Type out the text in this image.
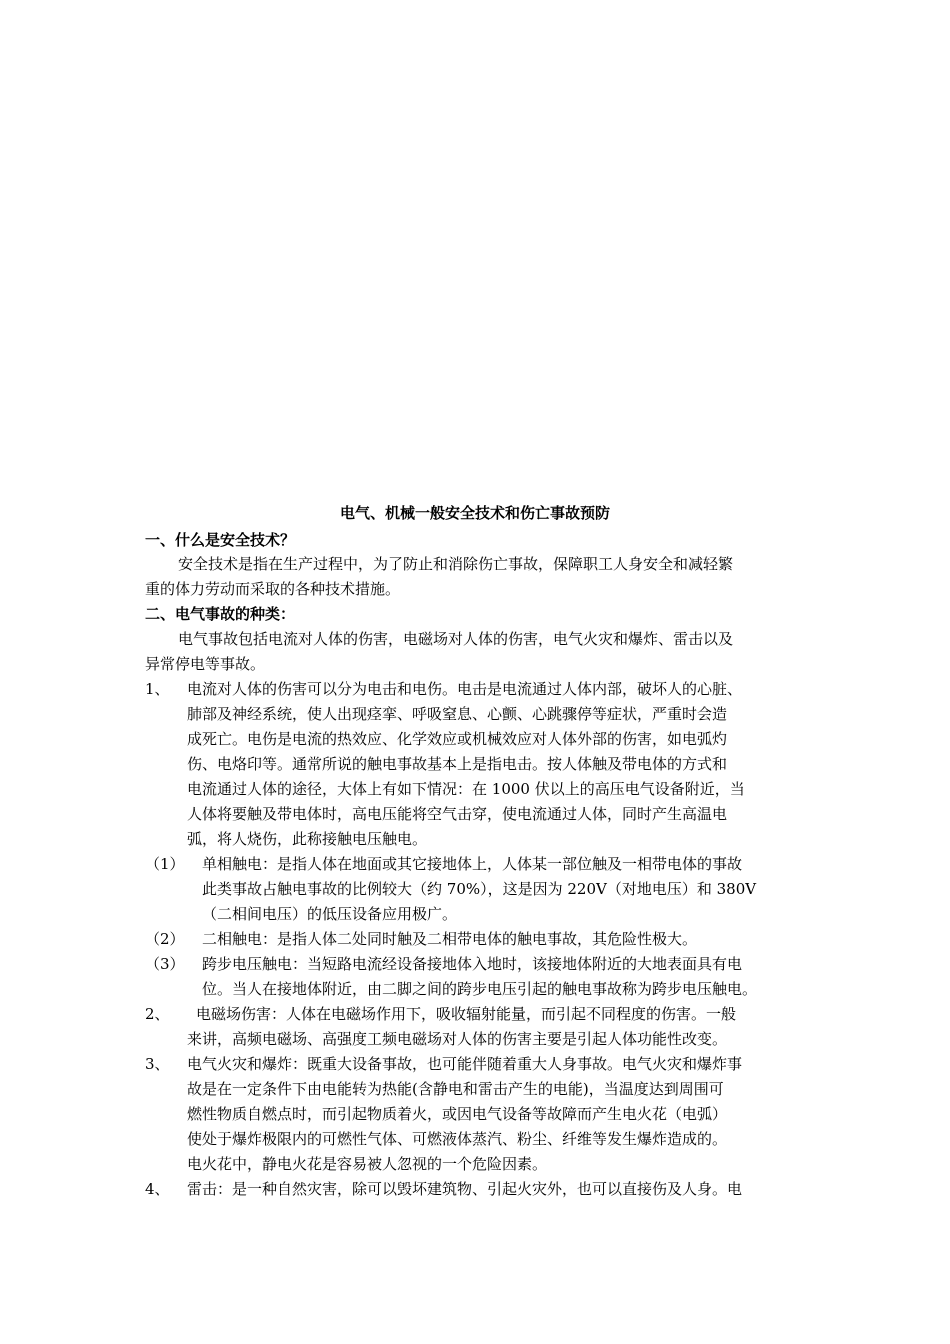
电气、机械一般安全技术和伤亡事故预防
一、什么是安全技术？
安全技术是指在生产过程中，为了防止和消除伤亡事故，保障职工人身安全和减轻繁
重的体力劳动而采取的各种技术措施。
二、电气事故的种类：
电气事故包括电流对人体的伤害，电磁场对人体的伤害，电气火灾和爆炸、雷击以及
异常停电等事故。
1、 电流对人体的伤害可以分为电击和电伤。电击是电流通过人体内部，破坏人的心脏、
肺部及神经系统，使人出现痉挛、呼吸窒息、心颤、心跳骤停等症状，严重时会造
成死亡。电伤是电流的热效应、化学效应或机械效应对人体外部的伤害，如电弧灼
伤、电烙印等。通常所说的触电事故基本上是指电击。按人体触及带电体的方式和
电流通过人体的途径，大体上有如下情况：在 1000 伏以上的高压电气设备附近，当
人体将要触及带电体时，高电压能将空气击穿，使电流通过人体，同时产生高温电
弧，将人烧伤，此称接触电压触电。
（1） 单相触电：是指人体在地面或其它接地体上，人体某一部位触及一相带电体的事故
此类事故占触电事故的比例较大（约 70%），这是因为 220V（对地电压）和 380V
（二相间电压）的低压设备应用极广。
（2） 二相触电：是指人体二处同时触及二相带电体的触电事故，其危险性极大。
（3） 跨步电压触电：当短路电流经设备接地体入地时，该接地体附近的大地表面具有电
位。当人在接地体附近，由二脚之间的跨步电压引起的触电事故称为跨步电压触电。
2、 电磁场伤害：人体在电磁场作用下，吸收辐射能量，而引起不同程度的伤害。一般
来讲，高频电磁场、高强度工频电磁场对人体的伤害主要是引起人体功能性改变。
3、 电气火灾和爆炸：既重大设备事故，也可能伴随着重大人身事故。电气火灾和爆炸事
故是在一定条件下由电能转为热能(含静电和雷击产生的电能)，当温度达到周围可
燃性物质自燃点时，而引起物质着火，或因电气设备等故障而产生电火花（电弧）
使处于爆炸极限内的可燃性气体、可燃液体蒸汽、粉尘、纤维等发生爆炸造成的。
电火花中，静电火花是容易被人忽视的一个危险因素。
4、 雷击：是一种自然灾害，除可以毁坏建筑物、引起火灾外，也可以直接伤及人身。电
